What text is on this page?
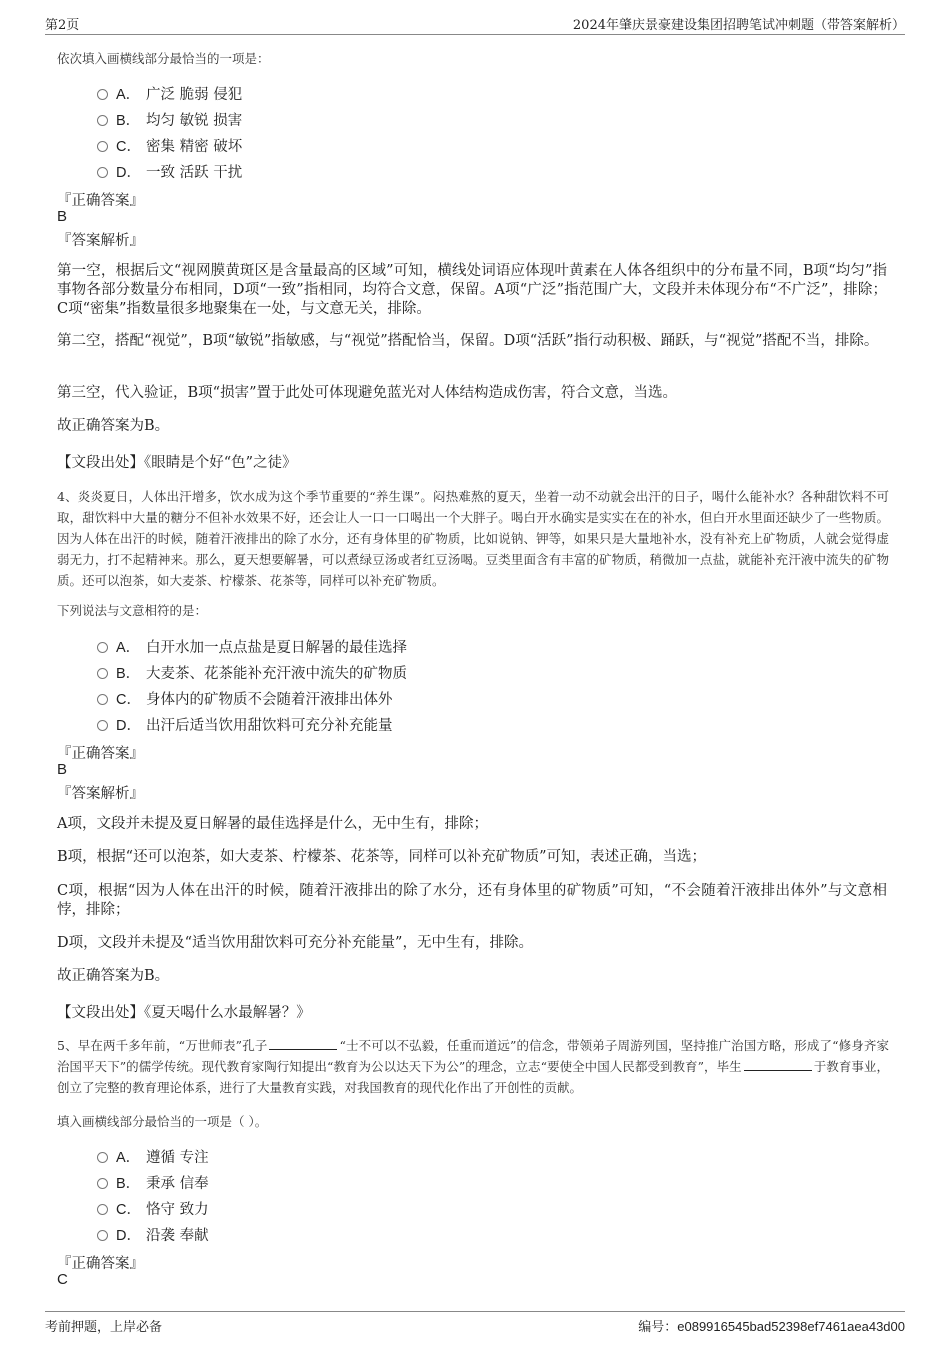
第2页	2024年肇庆景豪建设集团招聘笔试冲刺题（带答案解析）
依次填入画横线部分最恰当的一项是：
A． 广泛 脆弱 侵犯
B． 均匀 敏锐 损害
C． 密集 精密 破坏
D． 一致 活跃 干扰
『正确答案』
B
『答案解析』
第一空，根据后文“视网膜黄斑区是含量最高的区域”可知，横线处词语应体现叶黄素在人体各组织中的分布量不同，B项“均匀”指事物各部分数量分布相同，D项“一致”指相同，均符合文意，保留。A项“广泛”指范围广大，文段并未体现分布“不广泛”，排除；C项“密集”指数量很多地聚集在一处，与文意无关，排除。
第二空，搭配“视觉”，B项“敏锐”指敏感，与“视觉”搭配恰当，保留。D项“活跃”指行动积极、踊跃，与“视觉”搭配不当，排除。
第三空，代入验证，B项“损害”置于此处可体现避免蓝光对人体结构造成伤害，符合文意，当选。
故正确答案为B。
【文段出处】《眼睛是个好“色”之徒》
4、炎炎夏日，人体出汗增多，饮水成为这个季节重要的“养生课”。闷热难熬的夏天，坐着一动不动就会出汗的日子，喝什么能补水？各种甜饮料不可取，甜饮料中大量的糖分不但补水效果不好，还会让人一口一口喝出一个大胖子。喝白开水确实是实实在在的补水，但白开水里面还缺少了一些物质。因为人体在出汗的时候，随着汗液排出的除了水分，还有身体里的矿物质，比如说钠、钾等，如果只是大量地补水，没有补充上矿物质，人就会觉得虚弱无力，打不起精神来。那么，夏天想要解暑，可以煮绿豆汤或者红豆汤喝。豆类里面含有丰富的矿物质，稍微加一点盐，就能补充汗液中流失的矿物质。还可以泡茶，如大麦茶、柠檬茶、花茶等，同样可以补充矿物质。
下列说法与文意相符的是：
A． 白开水加一点点盐是夏日解暑的最佳选择
B． 大麦茶、花茶能补充汗液中流失的矿物质
C． 身体内的矿物质不会随着汗液排出体外
D． 出汗后适当饮用甜饮料可充分补充能量
『正确答案』
B
『答案解析』
A项，文段并未提及夏日解暑的最佳选择是什么，无中生有，排除；
B项，根据“还可以泡茶，如大麦茶、柠檬茶、花茶等，同样可以补充矿物质”可知，表述正确，当选；
C项，根据“因为人体在出汗的时候，随着汗液排出的除了水分，还有身体里的矿物质”可知，“不会随着汗液排出体外”与文意相悖，排除；
D项，文段并未提及“适当饮用甜饮料可充分补充能量”，无中生有，排除。
故正确答案为B。
【文段出处】《夏天喝什么水最解暑？》
5、早在两千多年前，“万世师表”孔子	“士不可以不弘毅，任重而道远”的信念，带领弟子周游列国，坚持推广治国方略，形成了“修身齐家治国平天下”的儒学传统。现代教育家陶行知提出“教育为公以达天下为公”的理念，立志“要使全中国人民都受到教育”，毕生	于教育事业，创立了完整的教育理论体系，进行了大量教育实践，对我国教育的现代化作出了开创性的贡献。
填入画横线部分最恰当的一项是（ ）。
A． 遵循 专注
B． 秉承 信奉
C． 恪守 致力
D． 沿袭 奉献
『正确答案』
C
考前押题，上岸必备	编号：e089916545bad52398ef7461aea43d00
